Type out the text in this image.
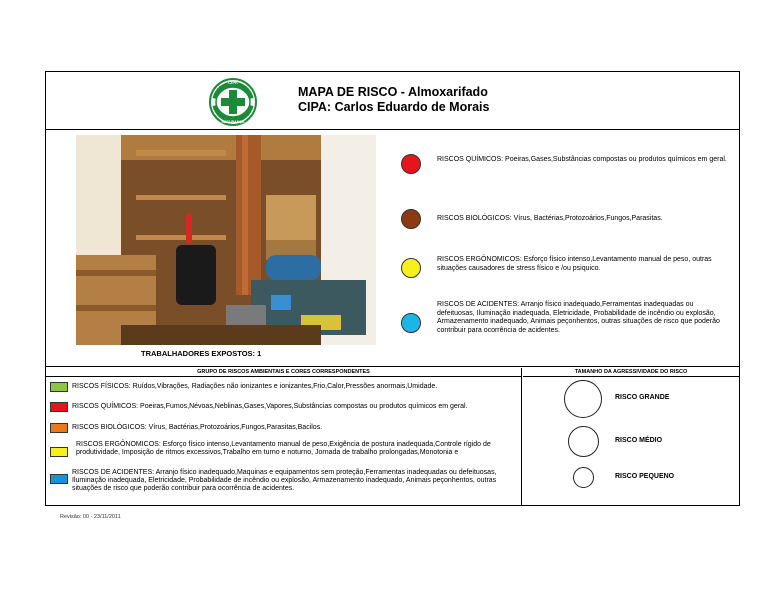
CIPA
SEGURANÇA
MAPA DE RISCO - Almoxarifado
CIPA: Carlos Eduardo de Morais
TRABALHADORES EXPOSTOS: 1
RISCOS QUÍMICOS: Poeiras,Gases,Substâncias compostas ou produtos químicos em geral.
RISCOS BIOLÓGICOS: Vírus, Bactérias,Protozoários,Fungos,Parasitas.
RISCOS ERGÔNOMICOS: Esforço físico intenso,Levantamento manual de peso, outras situações causadores de stress físico e /ou psiquico.
RISCOS DE ACIDENTES: Arranjo físico inadequado,Ferramentas inadequadas ou defeituosas, Iluminação inadequada, Eletricidade, Probabilidade de incêndio ou explosão, Armazenamento inadequado, Animais peçonhentos, outras situações de risco que poderão contribuir para ocorrência de acidentes.
GRUPO DE RISCOS AMBIENTAIS E CORES CORRESPONDENTES
RISCOS FÍSICOS: Ruídos,Vibrações, Radiações não ionizantes e ionizantes,Frio,Calor,Pressões anormais,Umidade.
RISCOS QUÍMICOS: Poeiras,Fumos,Névoas,Neblinas,Gases,Vapores,Substâncias compostas ou produtos químicos em geral.
RISCOS BIOLÓGICOS: Vírus, Bactérias,Protozoários,Fungos,Parasitas,Bacilos.
RISCOS ERGÔNOMICOS: Esforço físico intenso,Levantamento manual de peso,Exigência de postura inadequada,Controle rígido de produtividade, Imposição de ritmos excessivos,Trabalho em turno e noturno, Jornada de trabalho prolongadas,Monotonia e
RISCOS DE ACIDENTES: Arranjo físico inadequado,Maquinas e equipamentos sem proteção,Ferramentas inadequadas ou defeituosas, Iluminação inadequada, Eletricidade, Probabilidade de incêndio ou explosão, Armazenamento inadequado, Animais peçonhentos, outras situações de risco que poderão contribuir para ocorrência de acidentes.
TAMANHO DA AGRESSIVIDADE DO RISCO
RISCO GRANDE
RISCO MÉDIO
RISCO PEQUENO
Revisão: 00 - 23/11/2011
